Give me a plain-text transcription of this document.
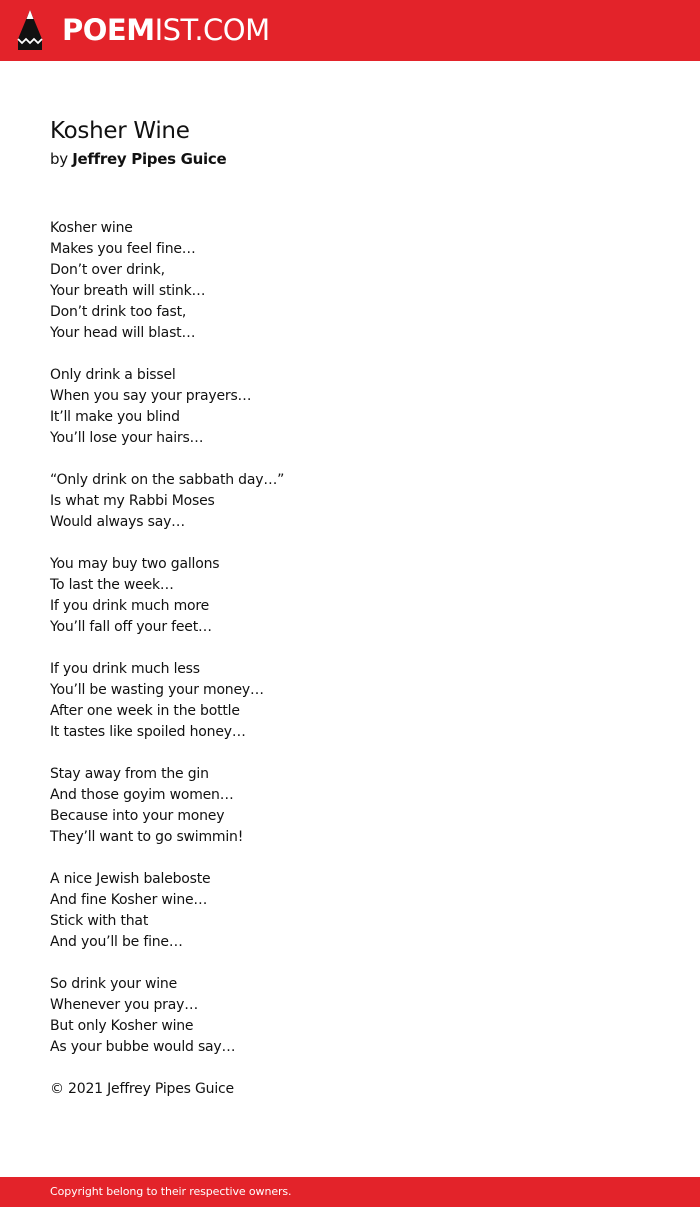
POEMIST.COM
Kosher Wine
by Jeffrey Pipes Guice
Kosher wine
Makes you feel fine…
Don’t over drink,
Your breath will stink…
Don’t drink too fast,
Your head will blast…
Only drink a bissel
When you say your prayers…
It’ll make you blind
You’ll lose your hairs…
“Only drink on the sabbath day…”
Is what my Rabbi Moses
Would always say…
You may buy two gallons
To last the week…
If you drink much more
You’ll fall off your feet…
If you drink much less
You’ll be wasting your money…
After one week in the bottle
It tastes like spoiled honey…
Stay away from the gin
And those goyim women…
Because into your money
They’ll want to go swimmin!
A nice Jewish baleboste
And fine Kosher wine…
Stick with that
And you’ll be fine…
So drink your wine
Whenever you pray…
But only Kosher wine
As your bubbe would say…
© 2021 Jeffrey Pipes Guice
Copyright belong to their respective owners.
